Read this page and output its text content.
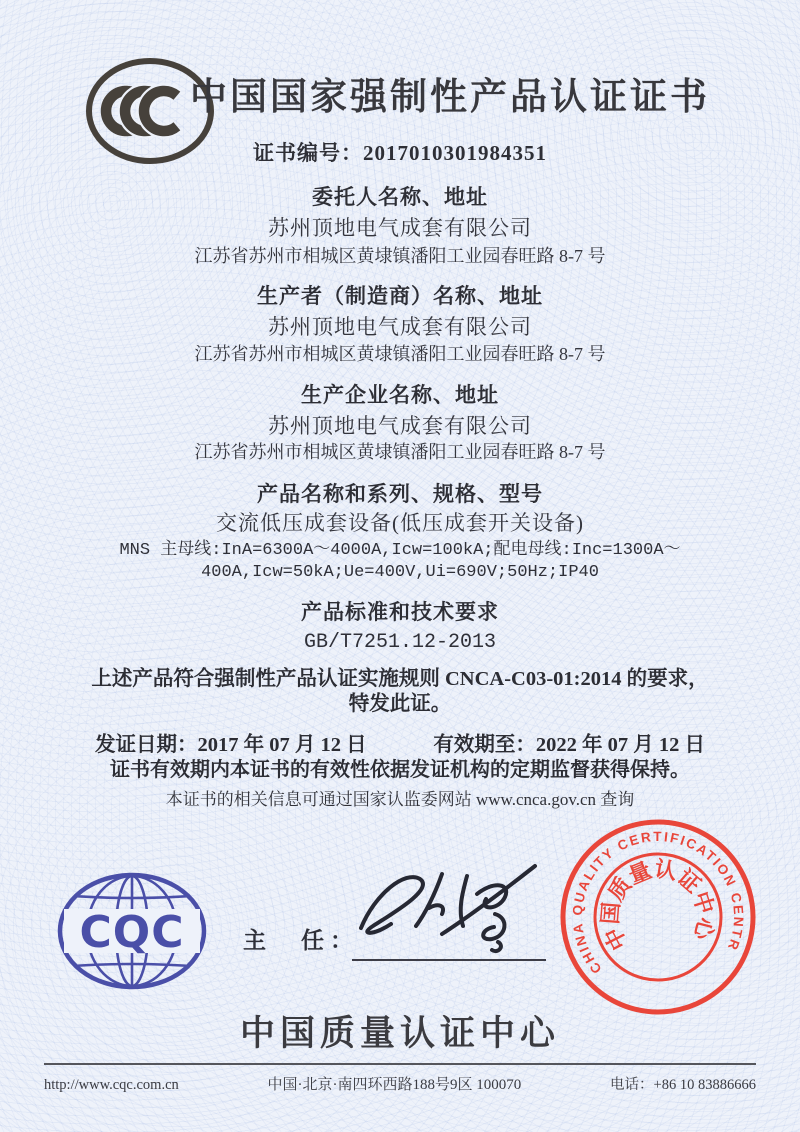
中国国家强制性产品认证证书
证书编号：2017010301984351
委托人名称、地址
苏州顶地电气成套有限公司
江苏省苏州市相城区黄埭镇潘阳工业园春旺路 8-7 号
生产者（制造商）名称、地址
苏州顶地电气成套有限公司
江苏省苏州市相城区黄埭镇潘阳工业园春旺路 8-7 号
生产企业名称、地址
苏州顶地电气成套有限公司
江苏省苏州市相城区黄埭镇潘阳工业园春旺路 8-7 号
产品名称和系列、规格、型号
交流低压成套设备(低压成套开关设备)
MNS 主母线:InA=6300A～4000A,Icw=100kA;配电母线:Inc=1300A～
400A,Icw=50kA;Ue=400V,Ui=690V;50Hz;IP40
产品标准和技术要求
GB/T7251.12-2013
上述产品符合强制性产品认证实施规则 CNCA-C03-01:2014 的要求，
特发此证。
发证日期：2017 年 07 月 12 日	有效期至：2022 年 07 月 12 日
证书有效期内本证书的有效性依据发证机构的定期监督获得保持。
本证书的相关信息可通过国家认监委网站 www.cnca.gov.cn 查询
CQC	主　任：
CHINA QUALITY CERTIFICATION CENTRE
中国质量认证中心
中国质量认证中心
http://www.cqc.com.cn	中国·北京·南四环西路188号9区 100070	电话：+86 10 83886666
